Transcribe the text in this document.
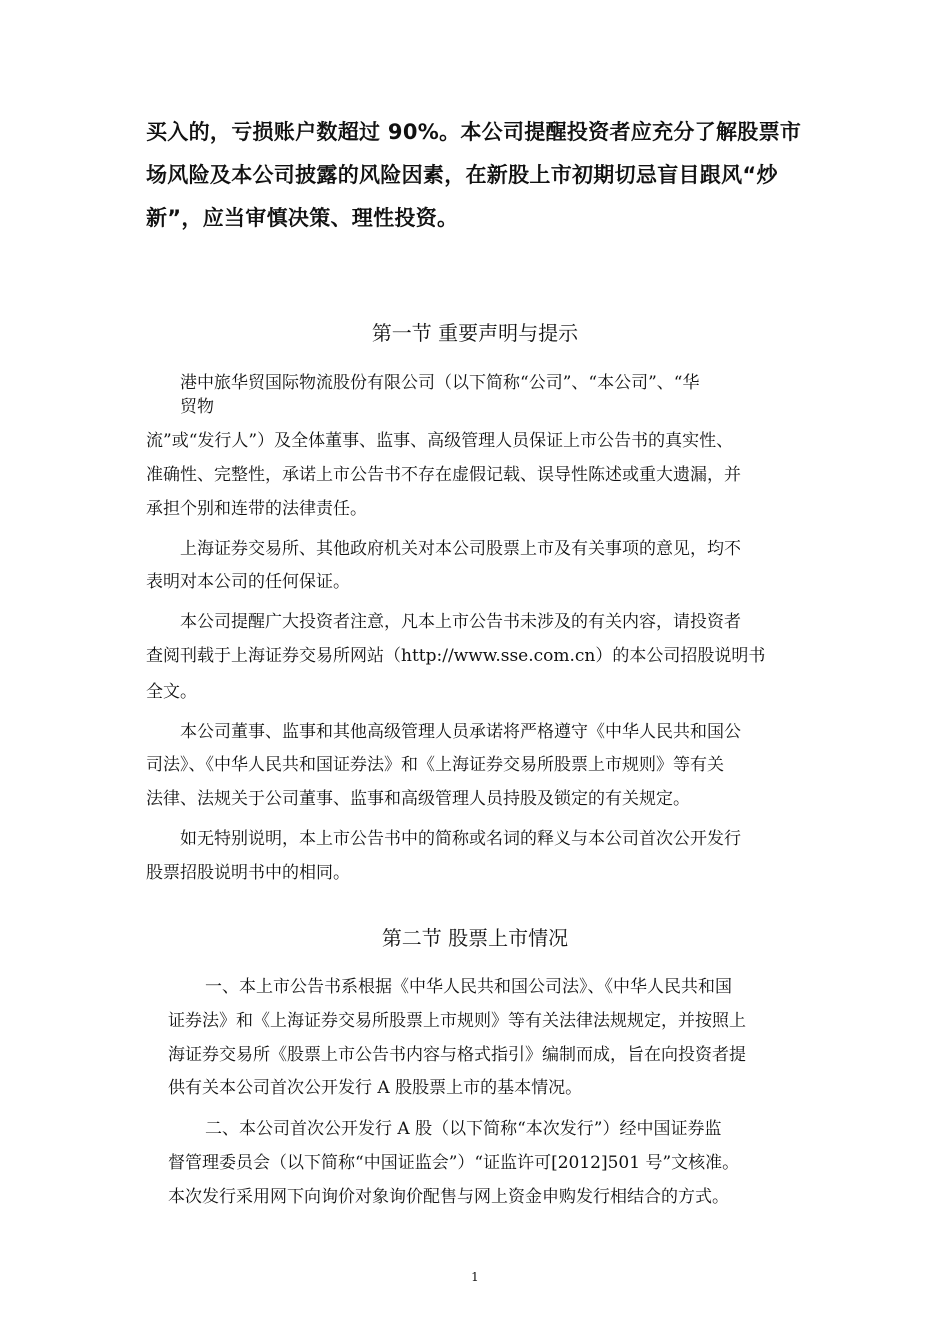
买入的，亏损账户数超过 90%。本公司提醒投资者应充分了解股票市
场风险及本公司披露的风险因素，在新股上市初期切忌盲目跟风“炒
新”，应当审慎决策、理性投资。
第一节 重要声明与提示
港中旅华贸国际物流股份有限公司（以下简称“公司”、“本公司”、“华
贸物
流”或“发行人”）及全体董事、监事、高级管理人员保证上市公告书的真实性、
准确性、完整性，承诺上市公告书不存在虚假记载、误导性陈述或重大遗漏，并
承担个别和连带的法律责任。
上海证券交易所、其他政府机关对本公司股票上市及有关事项的意见，均不
表明对本公司的任何保证。
本公司提醒广大投资者注意，凡本上市公告书未涉及的有关内容，请投资者
查阅刊载于上海证券交易所网站（http://www.sse.com.cn）的本公司招股说明书
全文。
本公司董事、监事和其他高级管理人员承诺将严格遵守《中华人民共和国公
司法》、《中华人民共和国证券法》和《上海证券交易所股票上市规则》等有关
法律、法规关于公司董事、监事和高级管理人员持股及锁定的有关规定。
如无特别说明，本上市公告书中的简称或名词的释义与本公司首次公开发行
股票招股说明书中的相同。
第二节 股票上市情况
一、本上市公告书系根据《中华人民共和国公司法》、《中华人民共和国
证券法》和《上海证券交易所股票上市规则》等有关法律法规规定，并按照上
海证券交易所《股票上市公告书内容与格式指引》编制而成，旨在向投资者提
供有关本公司首次公开发行 A 股股票上市的基本情况。
二、本公司首次公开发行 A 股（以下简称“本次发行”）经中国证券监
督管理委员会（以下简称“中国证监会”）“证监许可[2012]501 号”文核准。
本次发行采用网下向询价对象询价配售与网上资金申购发行相结合的方式。
1
